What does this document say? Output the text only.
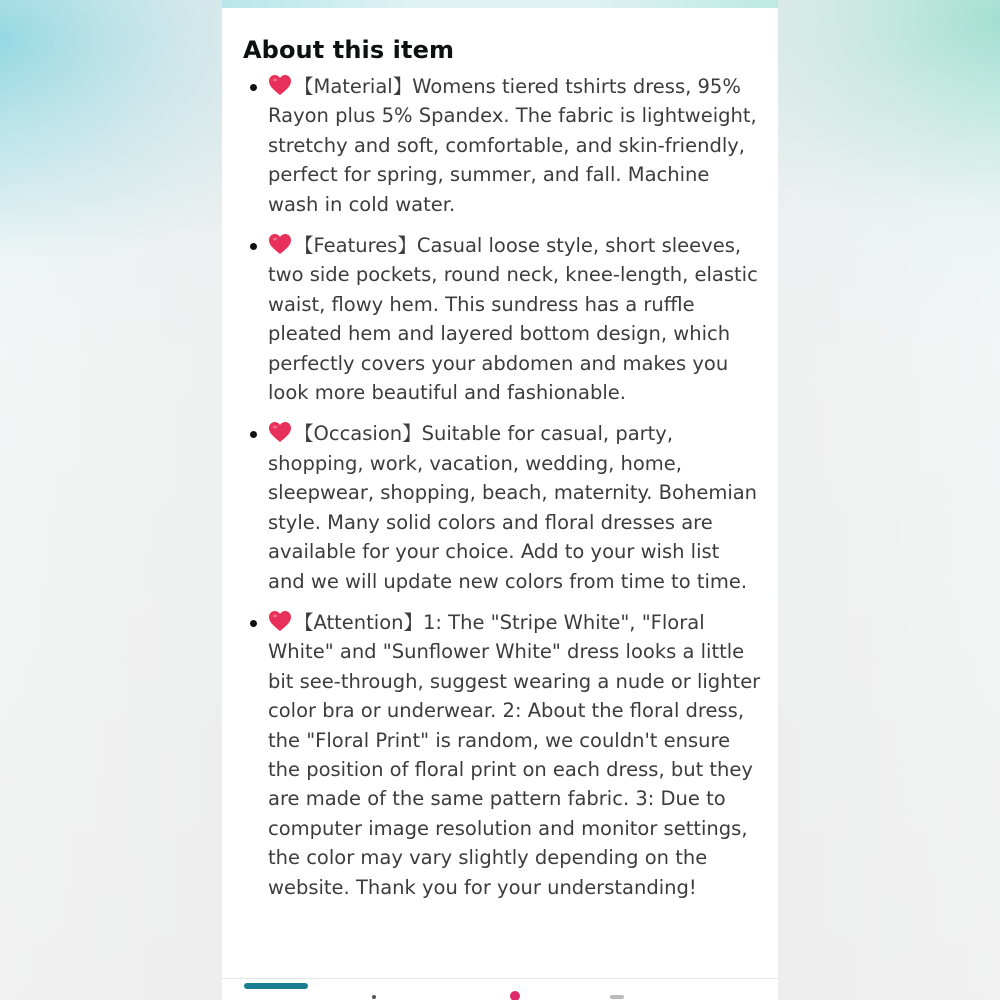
About this item
【Material】Womens tiered tshirts dress, 95% Rayon plus 5% Spandex. The fabric is lightweight, stretchy and soft, comfortable, and skin-friendly, perfect for spring, summer, and fall. Machine wash in cold water.
【Features】Casual loose style, short sleeves, two side pockets, round neck, knee-length, elastic waist, flowy hem. This sundress has a ruffle pleated hem and layered bottom design, which perfectly covers your abdomen and makes you look more beautiful and fashionable.
【Occasion】Suitable for casual, party, shopping, work, vacation, wedding, home, sleepwear, shopping, beach, maternity. Bohemian style. Many solid colors and floral dresses are available for your choice. Add to your wish list and we will update new colors from time to time.
【Attention】1: The "Stripe White", "Floral White" and "Sunflower White" dress looks a little bit see-through, suggest wearing a nude or lighter color bra or underwear. 2: About the floral dress, the "Floral Print" is random, we couldn't ensure the position of floral print on each dress, but they are made of the same pattern fabric. 3: Due to computer image resolution and monitor settings, the color may vary slightly depending on the website. Thank you for your understanding!
